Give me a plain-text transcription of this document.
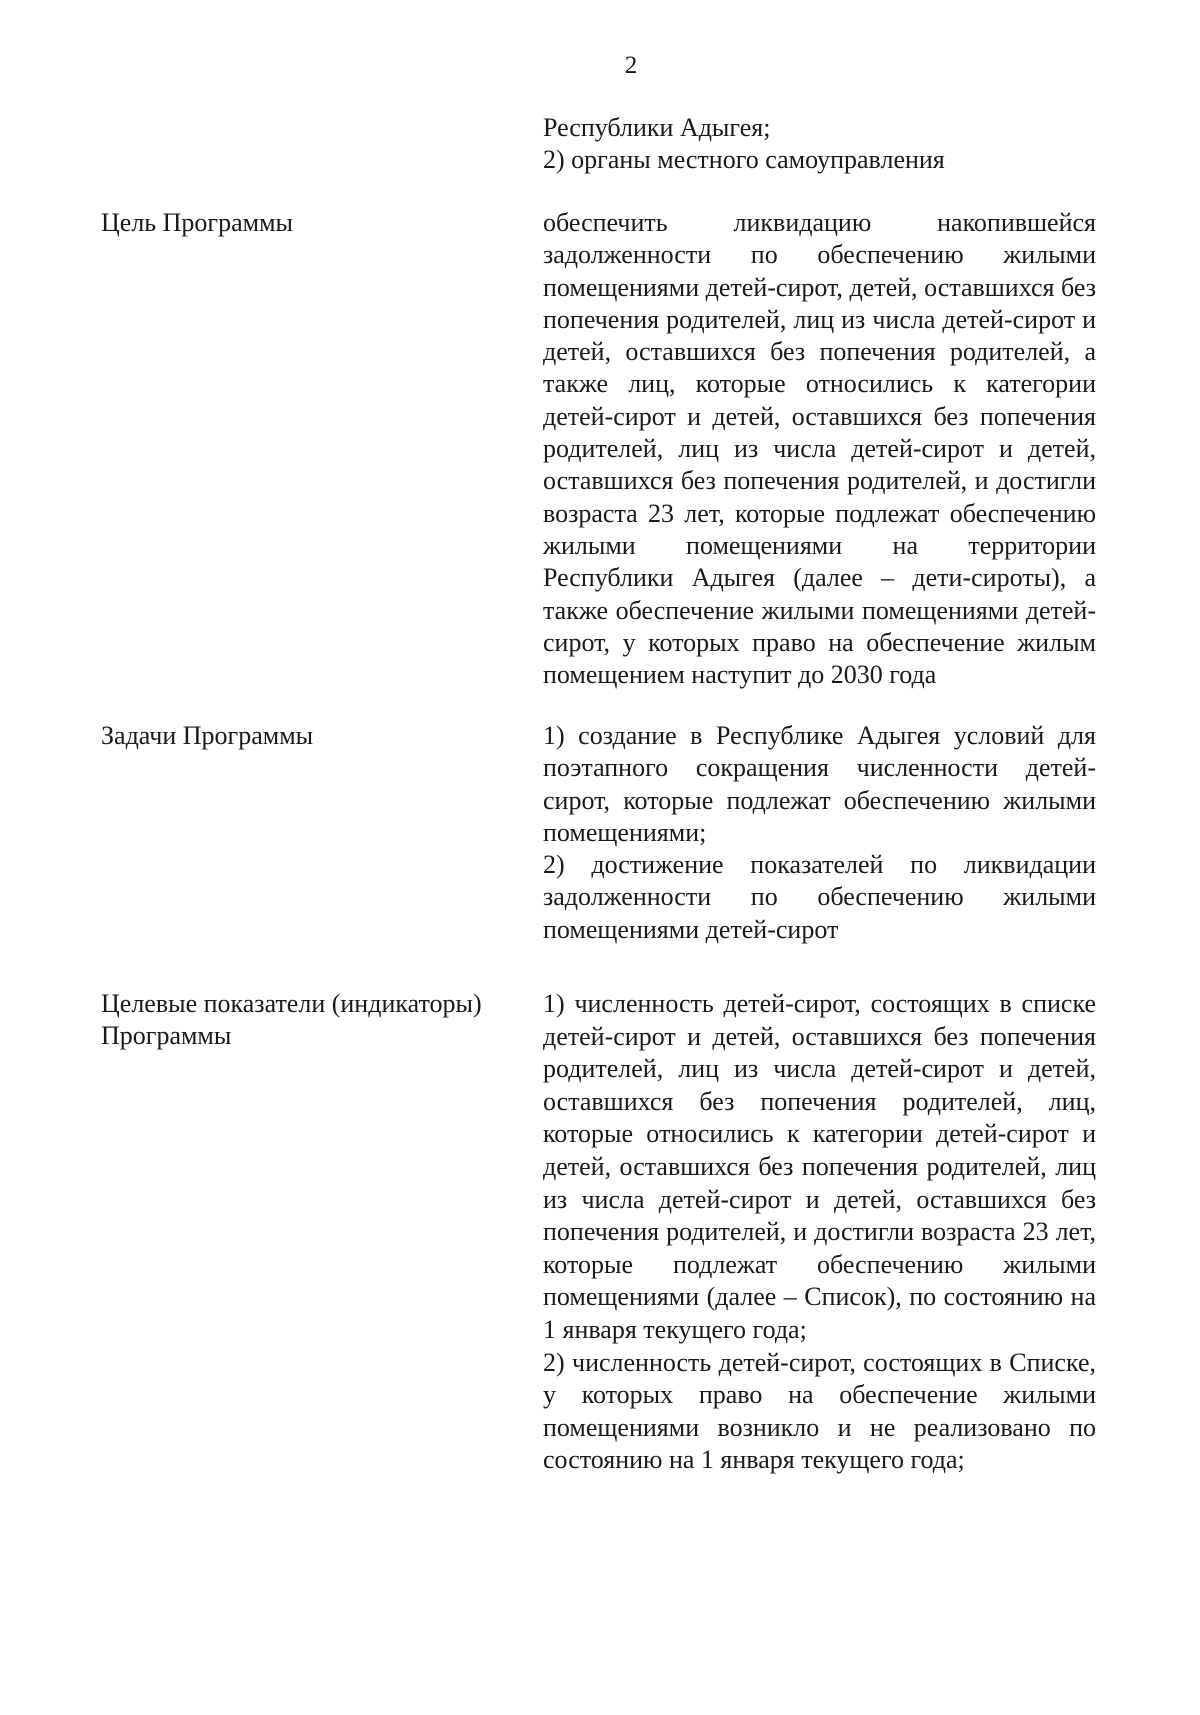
2

Республики Адыгея;

2) органы местного самоуправления

Цель Программы	обеспечить ликвидацию накопившейся задолженности по обеспечению жилыми помещениями детей-сирот, детей, оставшихся без попечения родителей, лиц из числа детей-сирот и детей, оставшихся без попечения родителей, а также лиц, которые относились к категории детей-сирот и детей, оставшихся без попечения родителей, лиц из числа детей-сирот и детей, оставшихся без попечения родителей, и достигли возраста 23 лет, которые подлежат обеспечению жилыми помещениями на территории Республики Адыгея (далее – дети-сироты), а также обеспечение жилыми помещениями детей-сирот, у которых право на обеспечение жилым помещением наступит до 2030 года

Задачи Программы	1) создание в Республике Адыгея условий для поэтапного сокращения численности детей-сирот, которые подлежат обеспечению жилыми помещениями;

2) достижение показателей по ликвидации задолженности по обеспечению жилыми помещениями детей-сирот

Целевые показатели (индикаторы)
Программы

1) численность детей-сирот, состоящих в списке детей-сирот и детей, оставшихся без попечения родителей, лиц из числа детей-сирот и детей, оставшихся без попечения родителей, лиц, которые относились к категории детей-сирот и детей, оставшихся без попечения родителей, лиц из числа детей-сирот и детей, оставшихся без попечения родителей, и достигли возраста 23 лет, которые подлежат обеспечению жилыми помещениями (далее – Список), по состоянию на 1 января текущего года;

2) численность детей-сирот, состоящих в Списке, у которых право на обеспечение жилыми помещениями возникло и не реализовано по состоянию на 1 января текущего года;
